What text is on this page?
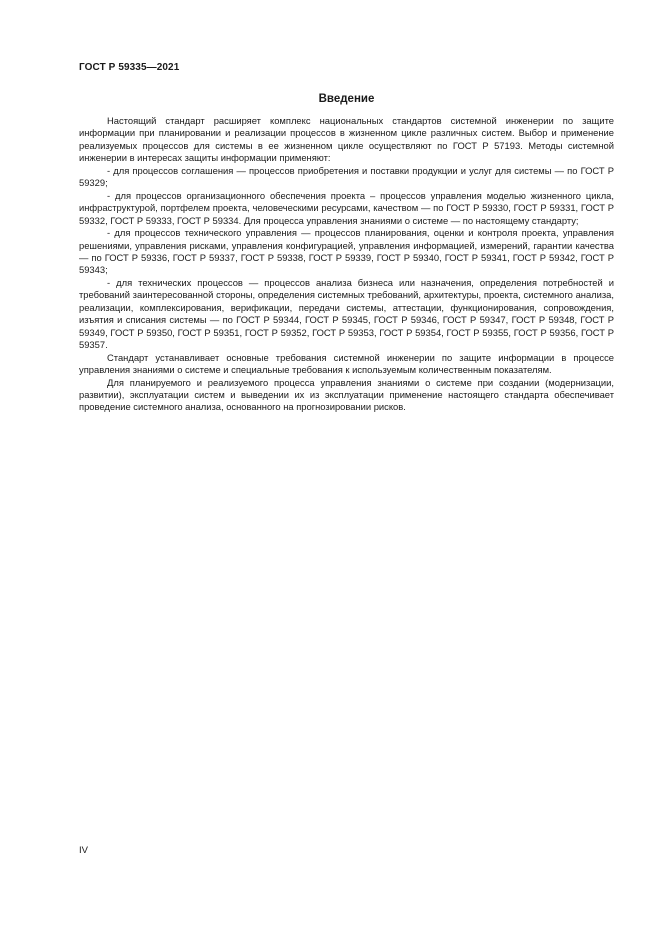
ГОСТ Р 59335—2021
Введение

Настоящий стандарт расширяет комплекс национальных стандартов системной инженерии по защите информации при планировании и реализации процессов в жизненном цикле различных систем. Выбор и применение реализуемых процессов для системы в ее жизненном цикле осуществляют по ГОСТ Р 57193. Методы системной инженерии в интересах защиты информации применяют:

- для процессов соглашения — процессов приобретения и поставки продукции и услуг для системы — по ГОСТ Р 59329;

- для процессов организационного обеспечения проекта – процессов управления моделью жизненного цикла, инфраструктурой, портфелем проекта, человеческими ресурсами, качеством — по ГОСТ Р 59330, ГОСТ Р 59331, ГОСТ Р 59332, ГОСТ Р 59333, ГОСТ Р 59334. Для процесса управления знаниями о системе — по настоящему стандарту;

- для процессов технического управления — процессов планирования, оценки и контроля проекта, управления решениями, управления рисками, управления конфигурацией, управления информацией, измерений, гарантии качества — по ГОСТ Р 59336, ГОСТ Р 59337, ГОСТ Р 59338, ГОСТ Р 59339, ГОСТ Р 59340, ГОСТ Р 59341, ГОСТ Р 59342, ГОСТ Р 59343;

- для технических процессов — процессов анализа бизнеса или назначения, определения потребностей и требований заинтересованной стороны, определения системных требований, архитектуры, проекта, системного анализа, реализации, комплексирования, верификации, передачи системы, аттестации, функционирования, сопровождения, изъятия и списания системы — по ГОСТ Р 59344, ГОСТ Р 59345, ГОСТ Р 59346, ГОСТ Р 59347, ГОСТ Р 59348, ГОСТ Р 59349, ГОСТ Р 59350, ГОСТ Р 59351, ГОСТ Р 59352, ГОСТ Р 59353, ГОСТ Р 59354, ГОСТ Р 59355, ГОСТ Р 59356, ГОСТ Р 59357.

Стандарт устанавливает основные требования системной инженерии по защите информации в процессе управления знаниями о системе и специальные требования к используемым количественным показателям.

Для планируемого и реализуемого процесса управления знаниями о системе при создании (модернизации, развитии), эксплуатации систем и выведении их из эксплуатации применение настоящего стандарта обеспечивает проведение системного анализа, основанного на прогнозировании рисков.

IV
